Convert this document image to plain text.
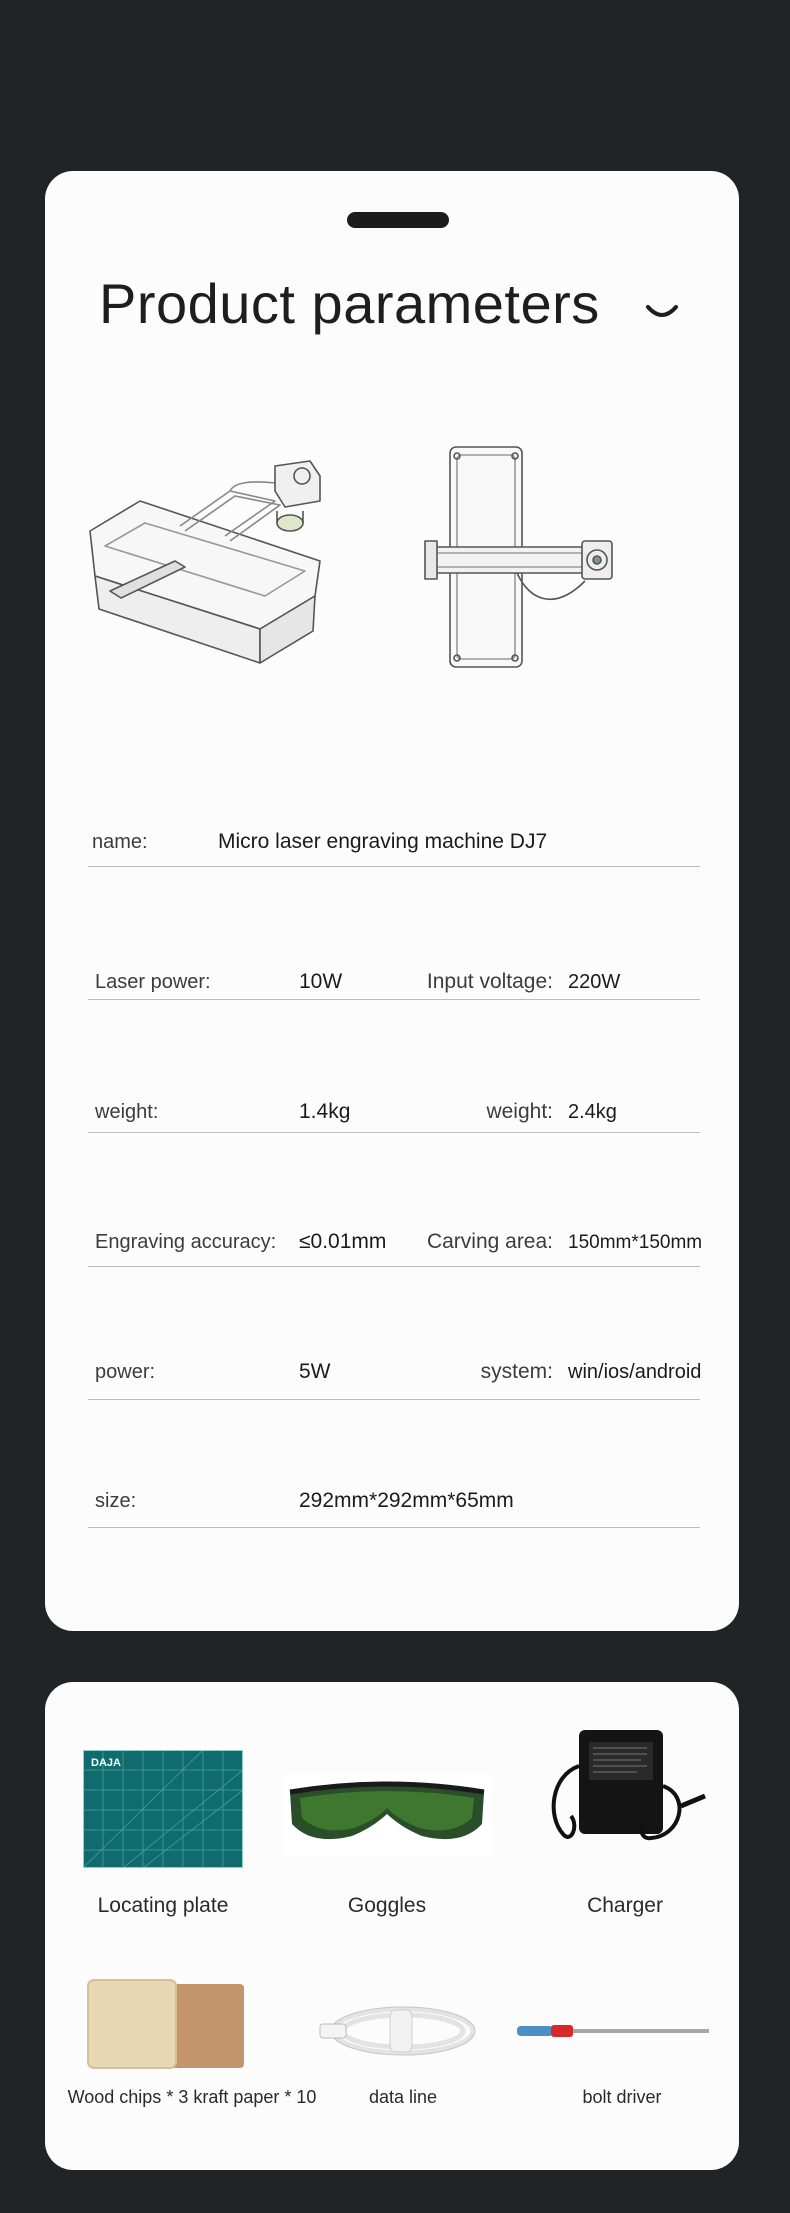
Product parameters
name:	Micro laser engraving machine DJ7
Laser power:	10W	Input voltage: 220W
weight:	1.4kg	weight: 2.4kg
Engraving accuracy: ≤0.01mm Carving area: 150mm*150mm
power:	5W	system: win/ios/android
size:	292mm*292mm*65mm
DAJA
Locating plate	Goggles	Charger
Wood chips * 3 kraft paper * 10	data line	bolt driver
